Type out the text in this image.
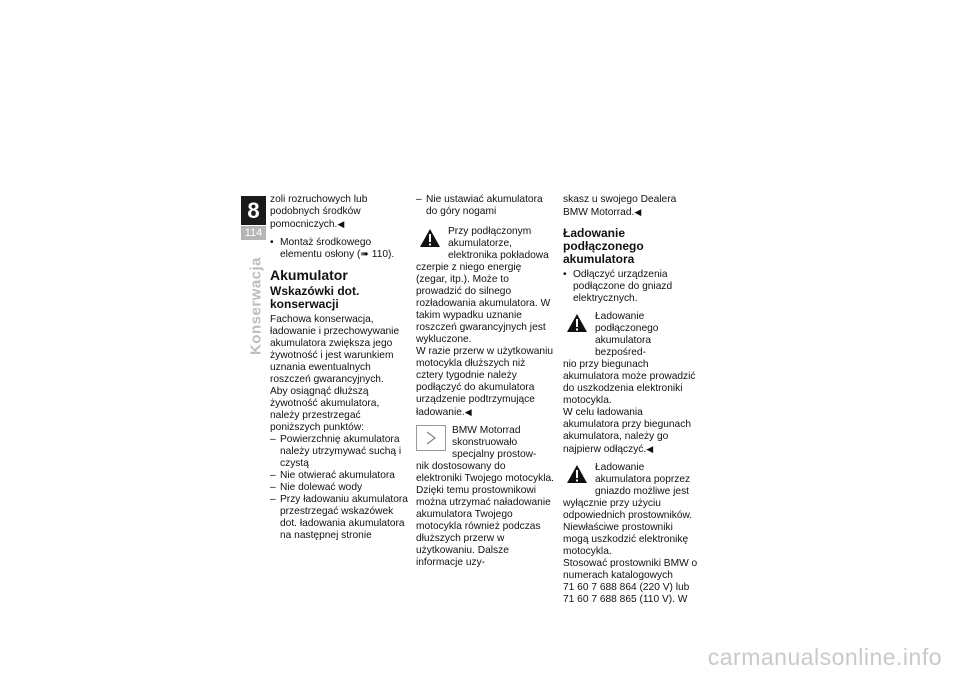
8
114
Konserwacja

zoli rozruchowych lub podobnych środków pomocniczych.◀

• Montaż środkowego elementu osłony (➠ 110).
Akumulator
Wskazówki dot. konserwacji

Fachowa konserwacja, ładowanie i przechowywanie akumulatora zwiększa jego żywotność i jest warunkiem uznania ewentualnych roszczeń gwarancyjnych.

Aby osiągnąć dłuższą żywotność akumulatora, należy przestrzegać poniższych punktów:

– Powierzchnię akumulatora należy utrzymywać suchą i czystą
– Nie otwierać akumulatora
– Nie dolewać wody
– Przy ładowaniu akumulatora przestrzegać wskazówek dot. ładowania akumulatora na następnej stronie
– Nie ustawiać akumulatora do góry nogami
Przy podłączonym akumulatorze, elektronika pokładowa
czerpie z niego energię (zegar, itp.). Może to prowadzić do silnego rozładowania akumulatora. W takim wypadku uznanie roszczeń gwarancyjnych jest wykluczone.
W razie przerw w użytkowaniu motocykla dłuższych niż cztery tygodnie należy podłączyć do akumulatora urządzenie podtrzymujące ładowanie.◀
BMW Motorrad skonstruowało specjalny prostow-
nik dostosowany do elektroniki Twojego motocykla. Dzięki temu prostownikowi można utrzymać naładowanie akumulatora Twojego motocykla również podczas dłuższych przerw w użytkowaniu. Dalsze informacje uzy-

skasz u swojego Dealera BMW Motorrad.◀

Ładowanie podłączonego akumulatora
• Odłączyć urządzenia podłączone do gniazd elektrycznych.
Ładowanie podłączonego akumulatora bezpośred-
nio przy biegunach akumulatora może prowadzić do uszkodzenia elektroniki motocykla.
W celu ładowania akumulatora przy biegunach akumulatora, należy go najpierw odłączyć.◀
Ładowanie akumulatora poprzez gniazdo możliwe jest
wyłącznie przy użyciu odpowiednich prostowników. Niewłaściwe prostowniki mogą uszkodzić elektronikę motocykla.
Stosować prostowniki BMW o numerach katalogowych
71 60 7 688 864 (220 V) lub
71 60 7 688 865 (110 V). W
carmanualsonline.info
